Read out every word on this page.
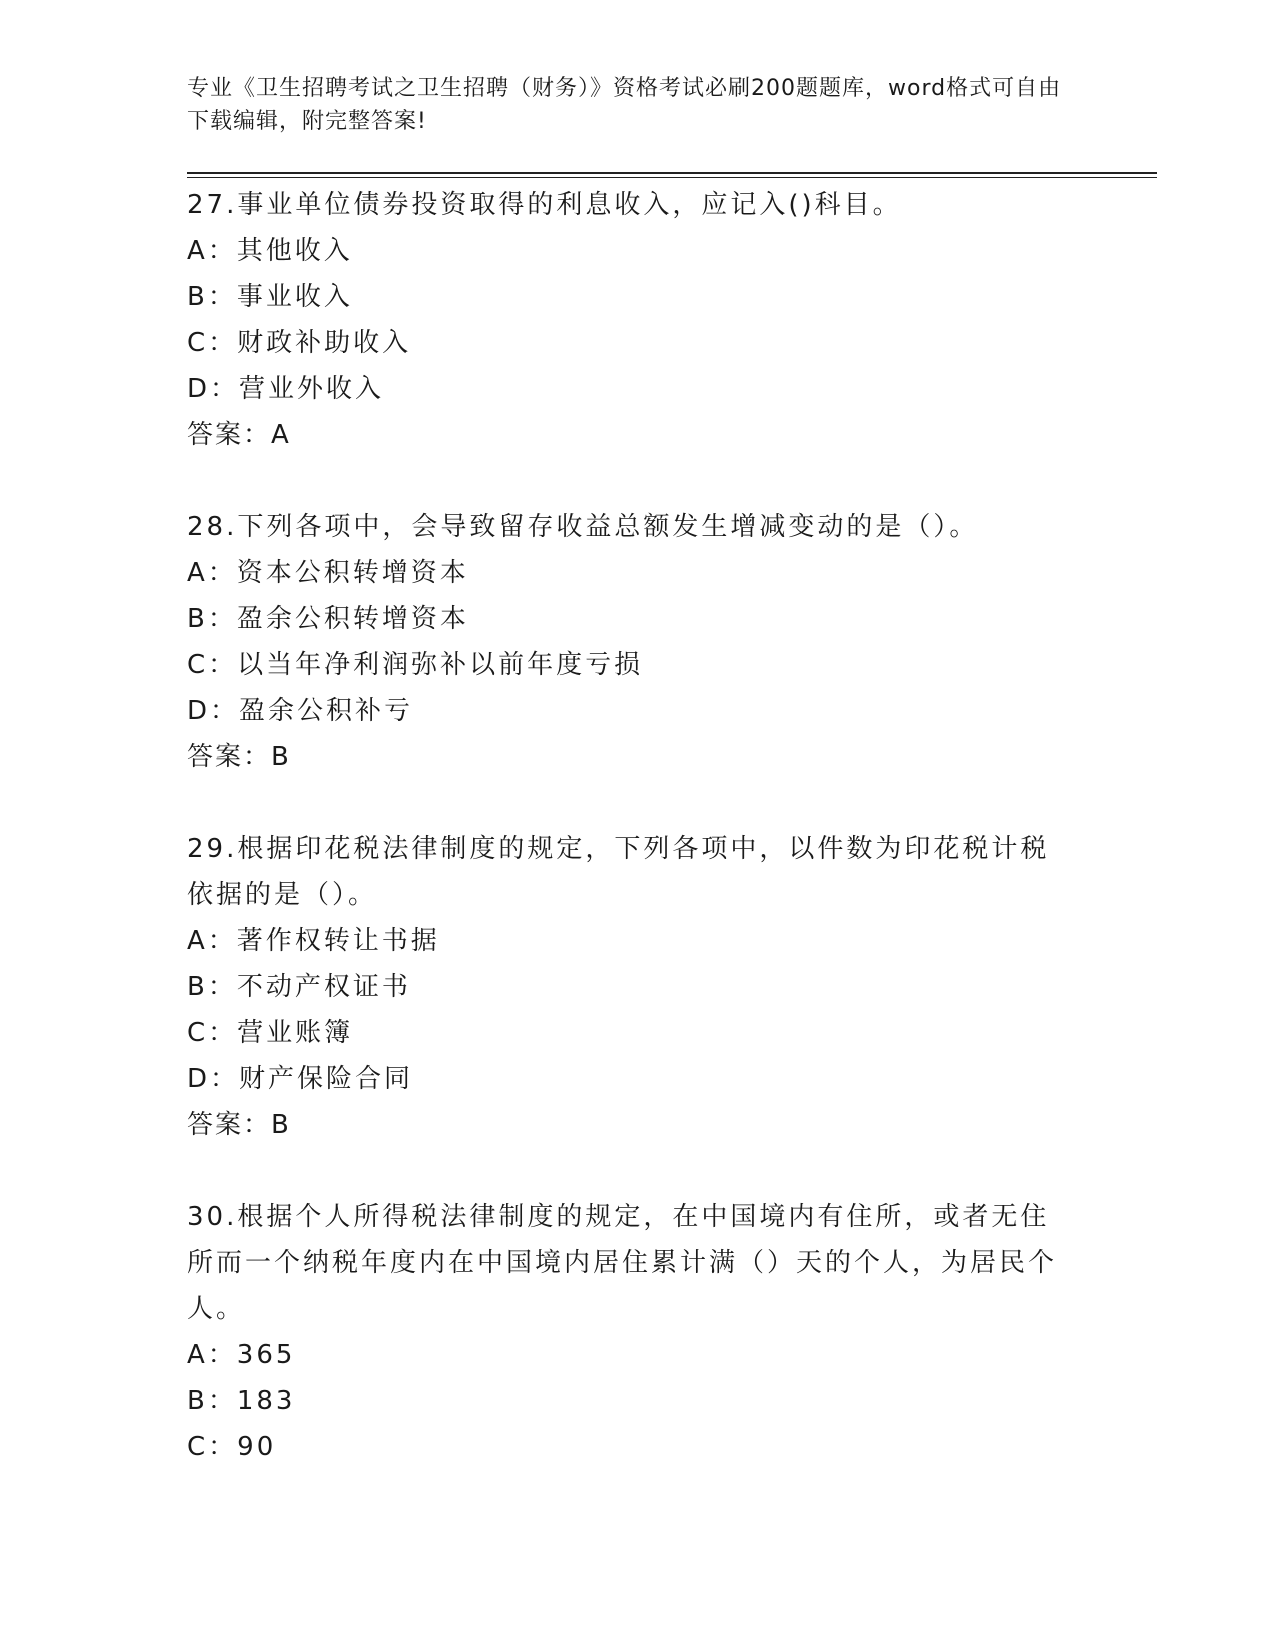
专业《卫生招聘考试之卫生招聘（财务）》资格考试必刷200题题库，word格式可自由下载编辑，附完整答案!

27.事业单位债券投资取得的利息收入，应记入()科目。

A：其他收入

B：事业收入

C：财政补助收入

D：营业外收入

答案：A

28.下列各项中，会导致留存收益总额发生增减变动的是（）。

A：资本公积转增资本

B：盈余公积转增资本

C：以当年净利润弥补以前年度亏损

D：盈余公积补亏

答案：B

29.根据印花税法律制度的规定，下列各项中，以件数为印花税计税依据的是（）。

A：著作权转让书据

B：不动产权证书

C：营业账簿

D：财产保险合同

答案：B

30.根据个人所得税法律制度的规定，在中国境内有住所，或者无住所而一个纳税年度内在中国境内居住累计满（）天的个人，为居民个人。

A：365

B：183

C：90
